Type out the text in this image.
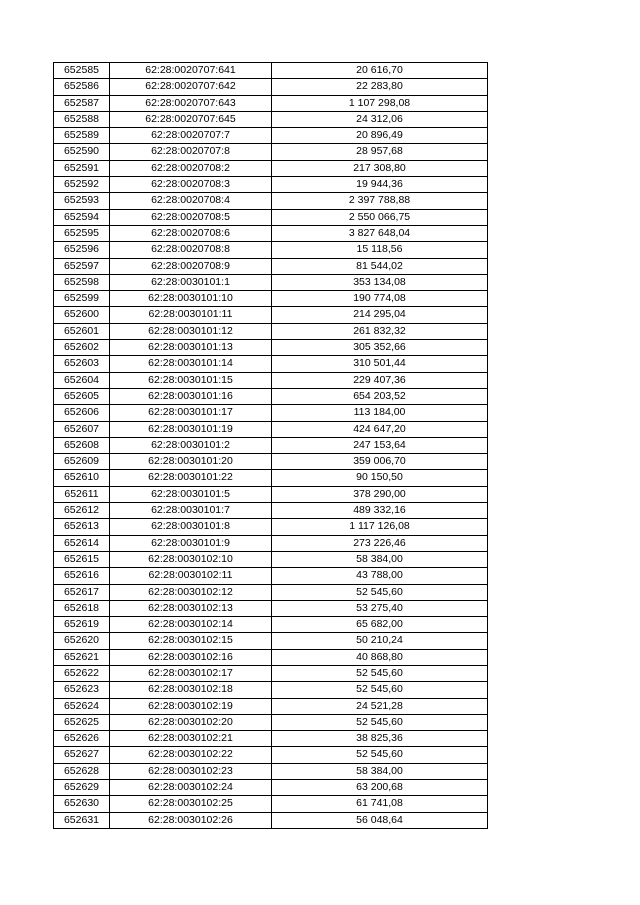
652585	62:28:0020707:641	20 616,70
652586	62:28:0020707:642	22 283,80
652587	62:28:0020707:643	1 107 298,08
652588	62:28:0020707:645	24 312,06
652589	62:28:0020707:7	20 896,49
652590	62:28:0020707:8	28 957,68
652591	62:28:0020708:2	217 308,80
652592	62:28:0020708:3	19 944,36
652593	62:28:0020708:4	2 397 788,88
652594	62:28:0020708:5	2 550 066,75
652595	62:28:0020708:6	3 827 648,04
652596	62:28:0020708:8	15 118,56
652597	62:28:0020708:9	81 544,02
652598	62:28:0030101:1	353 134,08
652599	62:28:0030101:10	190 774,08
652600	62:28:0030101:11	214 295,04
652601	62:28:0030101:12	261 832,32
652602	62:28:0030101:13	305 352,66
652603	62:28:0030101:14	310 501,44
652604	62:28:0030101:15	229 407,36
652605	62:28:0030101:16	654 203,52
652606	62:28:0030101:17	113 184,00
652607	62:28:0030101:19	424 647,20
652608	62:28:0030101:2	247 153,64
652609	62:28:0030101:20	359 006,70
652610	62:28:0030101:22	90 150,50
652611	62:28:0030101:5	378 290,00
652612	62:28:0030101:7	489 332,16
652613	62:28:0030101:8	1 117 126,08
652614	62:28:0030101:9	273 226,46
652615	62:28:0030102:10	58 384,00
652616	62:28:0030102:11	43 788,00
652617	62:28:0030102:12	52 545,60
652618	62:28:0030102:13	53 275,40
652619	62:28:0030102:14	65 682,00
652620	62:28:0030102:15	50 210,24
652621	62:28:0030102:16	40 868,80
652622	62:28:0030102:17	52 545,60
652623	62:28:0030102:18	52 545,60
652624	62:28:0030102:19	24 521,28
652625	62:28:0030102:20	52 545,60
652626	62:28:0030102:21	38 825,36
652627	62:28:0030102:22	52 545,60
652628	62:28:0030102:23	58 384,00
652629	62:28:0030102:24	63 200,68
652630	62:28:0030102:25	61 741,08
652631	62:28:0030102:26	56 048,64
